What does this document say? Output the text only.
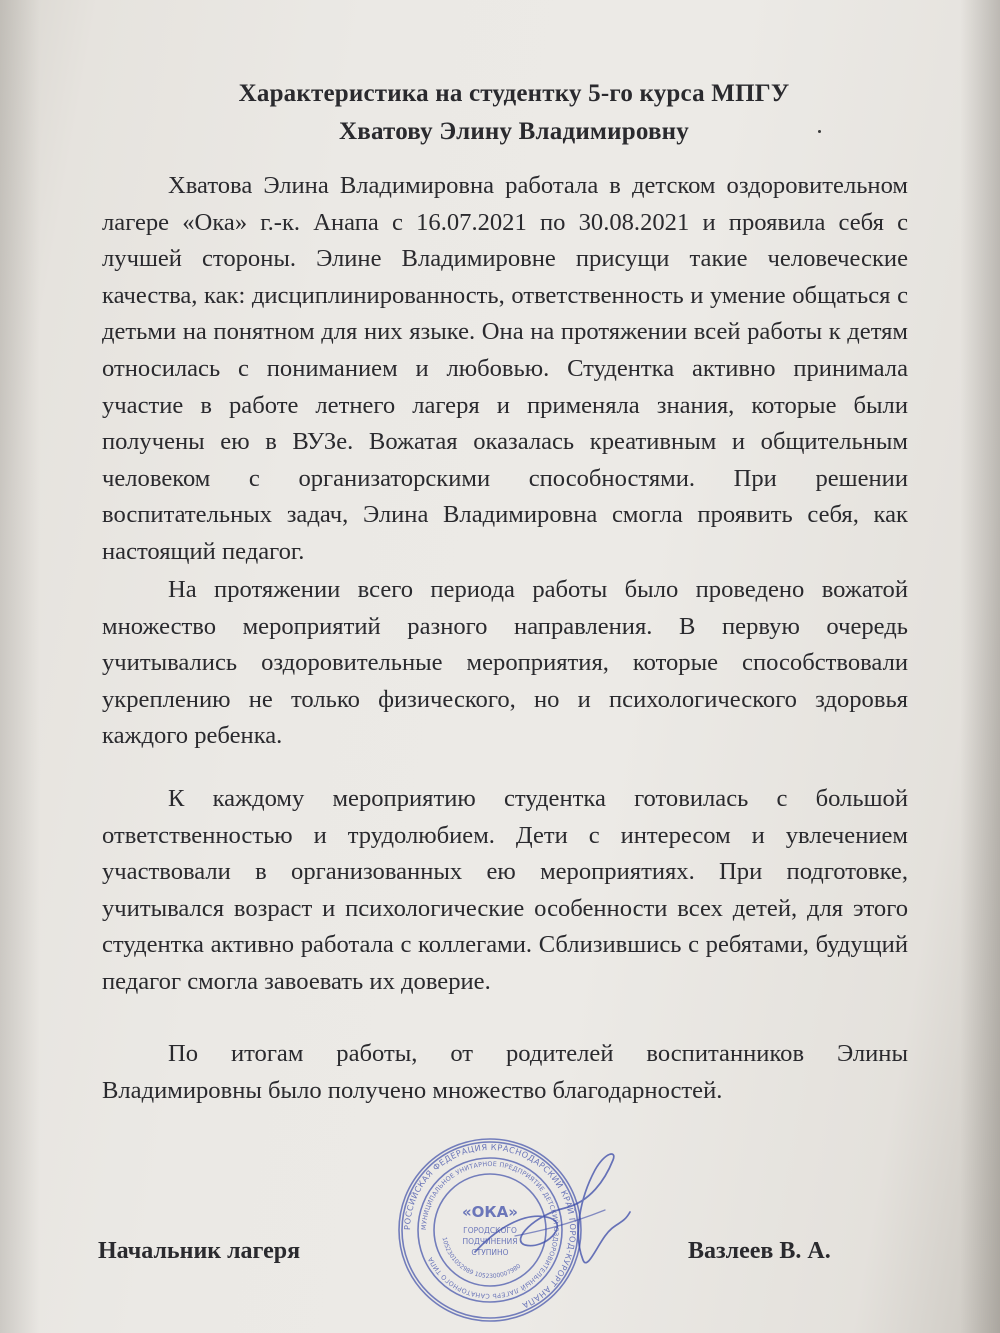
Характеристика на студентку 5-го курса МПГУ
Хватову Элину Владимировну

Хватова Элина Владимировна работала в детском оздоровительном лагере «Ока» г.-к. Анапа с 16.07.2021 по 30.08.2021 и проявила себя с лучшей стороны. Элине Владимировне присущи такие человеческие качества, как: дисциплинированность, ответственность и умение общаться с детьми на понятном для них языке. Она на протяжении всей работы к детям относилась с пониманием и любовью. Студентка активно принимала участие в работе летнего лагеря и применяла знания, которые были получены ею в ВУЗе. Вожатая оказалась креативным и общительным человеком с организаторскими способностями. При решении воспитательных задач, Элина Владимировна смогла проявить себя, как настоящий педагог.

На протяжении всего периода работы было проведено вожатой множество мероприятий разного направления. В первую очередь учитывались оздоровительные мероприятия, которые способствовали укреплению не только физического, но и психологического здоровья каждого ребенка.

К каждому мероприятию студентка готовилась с большой ответственностью и трудолюбием. Дети с интересом и увлечением участвовали в организованных ею мероприятиях. При подготовке, учитывался возраст и психологические особенности всех детей, для этого студентка активно работала с коллегами. Сблизившись с ребятами, будущий педагог смогла завоевать их доверие.

По итогам работы, от родителей воспитанников Элины Владимировны было получено множество благодарностей.

Начальник лагеря	Вазлеев В. А.
РОССИЙСКАЯ ФЕДЕРАЦИЯ КРАСНОДАРСКИЙ КРАЙ ГОРОД-КУРОРТ АНАПА
МУНИЦИПАЛЬНОЕ УНИТАРНОЕ ПРЕДПРИЯТИЕ ДЕТСКИЙ ОЗДОРОВИТЕЛЬНЫЙ ЛАГЕРЬ САНАТОРНОГО ТИПА
1052301052989 1052300007980
«ОКА»
ГОРОДСКОГО
ПОДЧИНЕНИЯ
СТУПИНО
